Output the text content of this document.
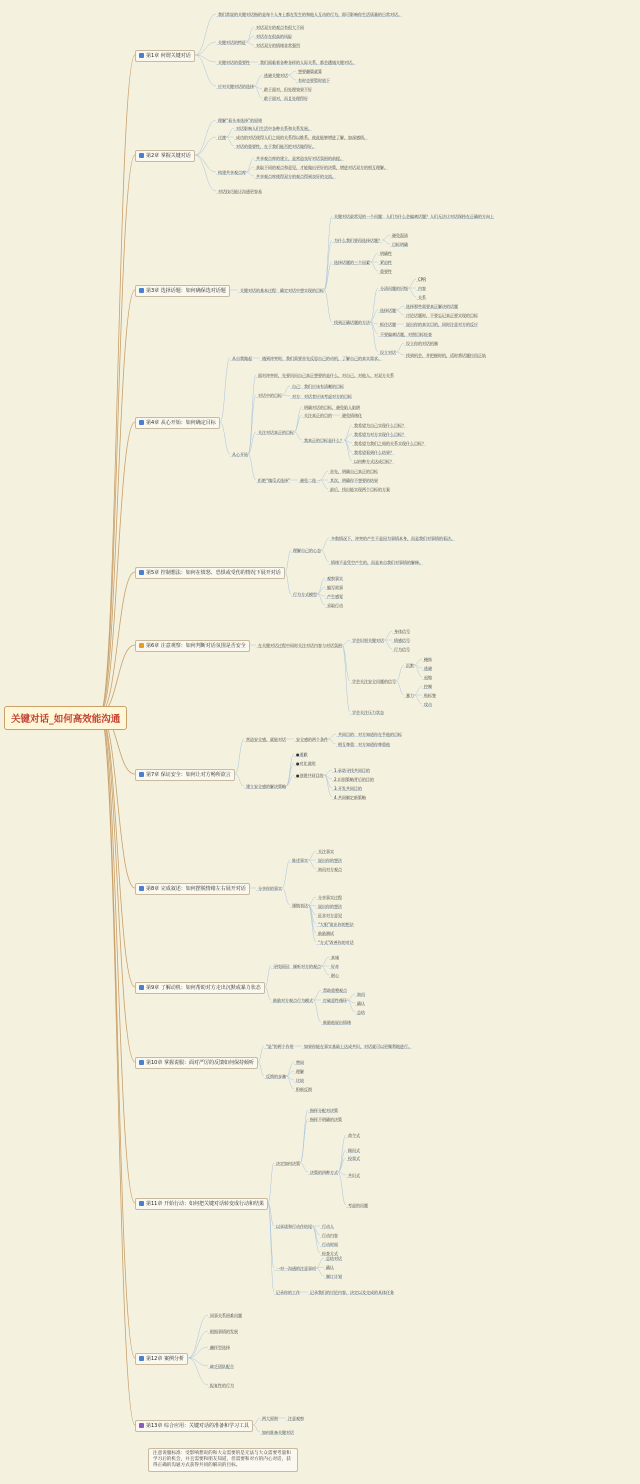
第1章 何谓关键对话
我们常说的关键对话指的是每个人身上都在发生的和他人互动的行为，即可影响你生活质量的日常对话。
关键对话的特征
对话双方的观点有很大不同
对话存在很高的风险
对话双方的情绪非常强烈
关键对话的重要性	我们面临着各种各样的人际关系，都会遭遇关键对话。
应对关键对话的选择
逃避关键对话
想要翻篇就算
有时也要暂时放下
敢于面对，但处理效果不好
敢于面对，而且处理得好
第2章 掌握关键对话
理解“看头来选择”的原则
过渡
对话影响人们生活中各种关系和关系发展。
成功的对话使得人们之间的关系得以维系，彼此能够增进了解，加深感情。
对话的重要性，在于我们能否把对话做得好。
构建共享观点库
共享观点库的建立，是营造良好对话氛围的前提。
获取不同的观点和意见，才能做出更好的决策，增进对话双方的相互理解。
共享观点库使得双方的观点得到良好的交流。
对话技巧能让沟通更容易
第3章 选择话题：如何确保选对话题	关键对话的基本过程：确定对话中想实现的目标
关键对话最常见的一个问题：人们为什么会偏离话题？人们无法让对话保持在正确的方向上
为什么我们要再选择话题？
避免混淆
目标明确
选择话题的三个因素
明确性
紧迫性
重要性
找到正确话题的方法
分清问题的层级
CPR
内容
关系
选择话题
选择那些需要真正解决的话题
讨论话题时，不要忘记真正要实现的目标
抓住话题	说出你的真实目的，同时注意对方的反应
不要偏离话题，对照目标检查
设立对话
设立你的对话机制
找到机会，并把握时机，适时将话题拉回正轨
第4章 从心开始：如何确定目标
从自我做起	遇到冲突时，我们需要首先反思自己的动机，了解自己的真实需求。
从心开始
面对冲突时，先要问问自己真正想要的是什么，对自己、对他人、对双方关系
对话中的目标
自己：我们应该有清晰的目标
对方：对话者应该考虑对方的目标
关注对话真正的目标
明确对话的目标，避免陷入陷阱
关注真正的目的	避免情绪化
我真正的目标是什么？
我希望为自己实现什么目标？
我希望为对方实现什么目标？
我希望为我们之间的关系实现什么目标？
我希望看到什么结果？
以何种方式达成目标？
拒绝“傻瓜式选择” 避免二选一
首先，明确自己真正的目标
其次，明确你不想要的结果
最后，找出能实现两个目标的方案
第5章 控制想法：如何在愤怒、恐惧或受伤的情况下展开对话
理解自己的心态
多数情况下，冲突的产生不是因为事情本身，而是我们对事情的看法。
情绪不是凭空产生的，而是来自我们对事情的解释。
行为方式模型
观察事实
编写故事
产生感觉
采取行动
第6章 注意观察：如何判断对话氛围是否安全	在关键对话过程中同时关注对话内容与对话氛围
学会识别关键对话
身体信号
情感信号
行为信号
学会关注安全问题的信号
沉默
掩饰
逃避
退缩
暴力
控制
贴标签
攻击
学会关注压力状态
第7章 保证安全：如何让对方畅所欲言
营造安全感，就能对话	安全感的两个条件
共同目的：对方知道你在乎他的目标
相互尊重：对方知道你尊重他
建立安全感的解决策略
●道歉
●对比说明
●创建共同目的
1.承诺寻找共同目的
2.识别策略背后的目的
3.开发共同目的
4.共同制定新策略
第8章 完成叙述：如何摆脱情绪左右展开对话	分享你的事实
陈述事实
关注事实
说出你的想法
询问对方观点
谨慎表达
分享事实过程
说出你的想法
征求对方意见
"大胆"说出你的想法
鼓励测试
"方式"改善你的对话
第9章 了解动机：如何帮助对方走出沉默或暴力状态
寻找原因：倾听对方的观点
真诚
好奇
耐心
鼓励对方观点行为模式
帮助重塑观点
打破恶性循环
询问
确认
总结
鼓励他说出情绪
第10章 掌握说服：面对严厉的反馈如何保持倾听
"是"的两个作用	如果你能在事实基础上达成共识，对话就可以更顺利地进行。
反馈的步骤
赞同
理解
比较
积极反馈
第11章 开始行动：如何把关键对话转变成行动和结果
决定如何决策
指挥分配对决策
指挥不明确的决策
决策的四种方式
命令式
顾问式
投票式
共识式
考虑的问题
以承诺和行动作结尾	行动人
行动内容
行动时间
检查方式
一对一沟通的注意事项
总结对话
确认
制订计划
记录你的工作	记录我们的讨论内容，决定以及完成的具体任务
第12章 案例分析
同事关系困难问题
根据事情的发展
幽怀型选择
缺乏团队配合
报复性的行为
第13章 综合应用：关键对话的准备和学习工具
两大原则	注意观察
如何准备关键对话
关键对话_如何高效能沟通
注意说服标准：受影响想说的和大众需要的是无法与大众需要考量和学习后的机会，并且需要和朋友知道，但需要和对方的内心对话，获得正确的沟通方式获得共同的解决的目标。
